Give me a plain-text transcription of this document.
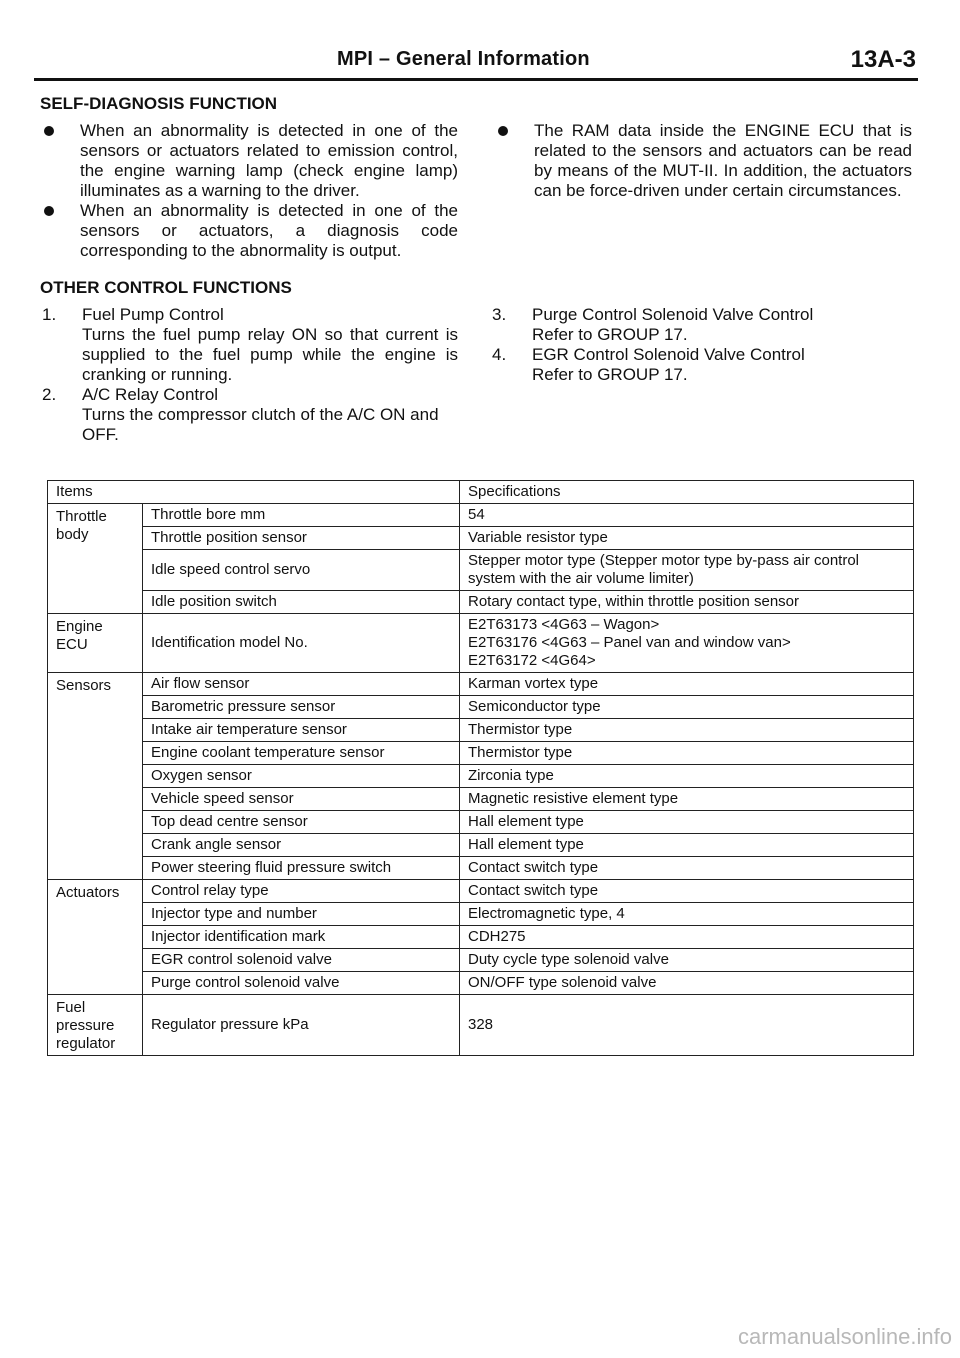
MPI – General Information	13A-3
SELF-DIAGNOSIS FUNCTION
When an abnormality is detected in one of the sensors or actuators related to emission control, the engine warning lamp (check engine lamp) illuminates as a warning to the driver.
When an abnormality is detected in one of the sensors or actuators, a diagnosis code corresponding to the abnormality is output.
The RAM data inside the ENGINE ECU that is related to the sensors and actuators can be read by means of the MUT-II. In addition, the actuators can be force-driven under certain circumstances.
OTHER CONTROL FUNCTIONS
1. Fuel Pump Control
Turns the fuel pump relay ON so that current is supplied to the fuel pump while the engine is cranking or running.
2. A/C Relay Control
Turns the compressor clutch of the A/C ON and OFF.
3. Purge Control Solenoid Valve Control
Refer to GROUP 17.
4. EGR Control Solenoid Valve Control
Refer to GROUP 17.
Items		Specifications
Throttle body	Throttle bore mm	54
	Throttle position sensor	Variable resistor type
	Idle speed control servo	Stepper motor type (Stepper motor type by-pass air control system with the air volume limiter)
	Idle position switch	Rotary contact type, within throttle position sensor
Engine ECU	Identification model No.	E2T63173 <4G63 – Wagon>
E2T63176 <4G63 – Panel van and window van>
E2T63172 <4G64>

Sensors	Air flow sensor	Karman vortex type
	Barometric pressure sensor	Semiconductor type
	Intake air temperature sensor	Thermistor type
	Engine coolant temperature sensor	Thermistor type
	Oxygen sensor	Zirconia type
	Vehicle speed sensor	Magnetic resistive element type
	Top dead centre sensor	Hall element type
	Crank angle sensor	Hall element type
	Power steering fluid pressure switch	Contact switch type
Actuators	Control relay type	Contact switch type
	Injector type and number	Electromagnetic type, 4
	Injector identification mark	CDH275
	EGR control solenoid valve	Duty cycle type solenoid valve
	Purge control solenoid valve	ON/OFF type solenoid valve
Fuel pressure regulator	Regulator pressure kPa	328
carmanualsonline.info
